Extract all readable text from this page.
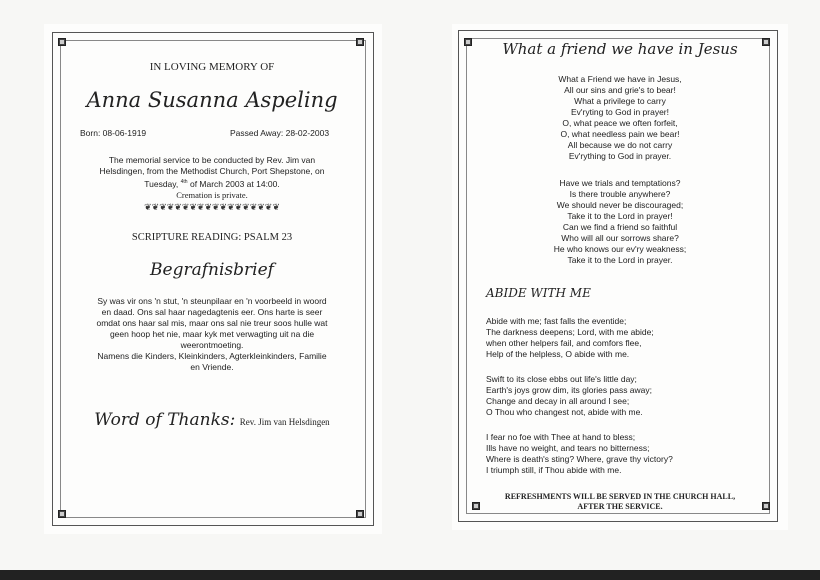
IN LOVING MEMORY OF
Anna Susanna Aspeling
Born: 08-06-1919	Passed Away: 28-02-2003
The memorial service to be conducted by Rev. Jim van
Helsdingen, from the Methodist Church, Port Shepstone, on
Tuesday, $^{4th}$ of March 2003 at 14:00.
Cremation is private.
❦❦❦❦❦❦❦❦❦❦❦❦❦❦❦❦❦❦
SCRIPTURE READING: PSALM 23
Begrafnisbrief
Sy was vir ons 'n stut, 'n steunpilaar en 'n voorbeeld in woord
en daad. Ons sal haar nagedagtenis eer. Ons harte is seer
omdat ons haar sal mis, maar ons sal nie treur soos hulle wat
geen hoop het nie, maar kyk met verwagting uit na die
weerontmoeting.
Namens die Kinders, Kleinkinders, Agterkleinkinders, Familie
en Vriende.
Word of Thanks: Rev. Jim van Helsdingen
What a friend we have in Jesus
What a Friend we have in Jesus,
All our sins and grie's to bear!
What a privilege to carry
Ev'ryting to God in prayer!
O, what peace we often forfeit,
O, what needless pain we bear!
All because we do not carry
Ev'rything to God in prayer.
Have we trials and temptations?
Is there trouble anywhere?
We should never be discouraged;
Take it to the Lord in prayer!
Can we find a friend so faithful
Who will all our sorrows share?
He who knows our ev'ry weakness;
Take it to the Lord in prayer.
ABIDE WITH ME
Abide with me; fast falls the eventide;
The darkness deepens; Lord, with me abide;
when other helpers fail, and comfors flee,
Help of the helpless, O abide with me.
Swift to its close ebbs out life's little day;
Earth's joys grow dim, its glories pass away;
Change and decay in all around I see;
O Thou who changest not, abide with me.
I fear no foe with Thee at hand to bless;
Ills have no weight, and tears no bitterness;
Where is death's sting? Where, grave thy victory?
I triumph still, if Thou abide with me.
REFRESHMENTS WILL BE SERVED IN THE CHURCH HALL,
AFTER THE SERVICE.
